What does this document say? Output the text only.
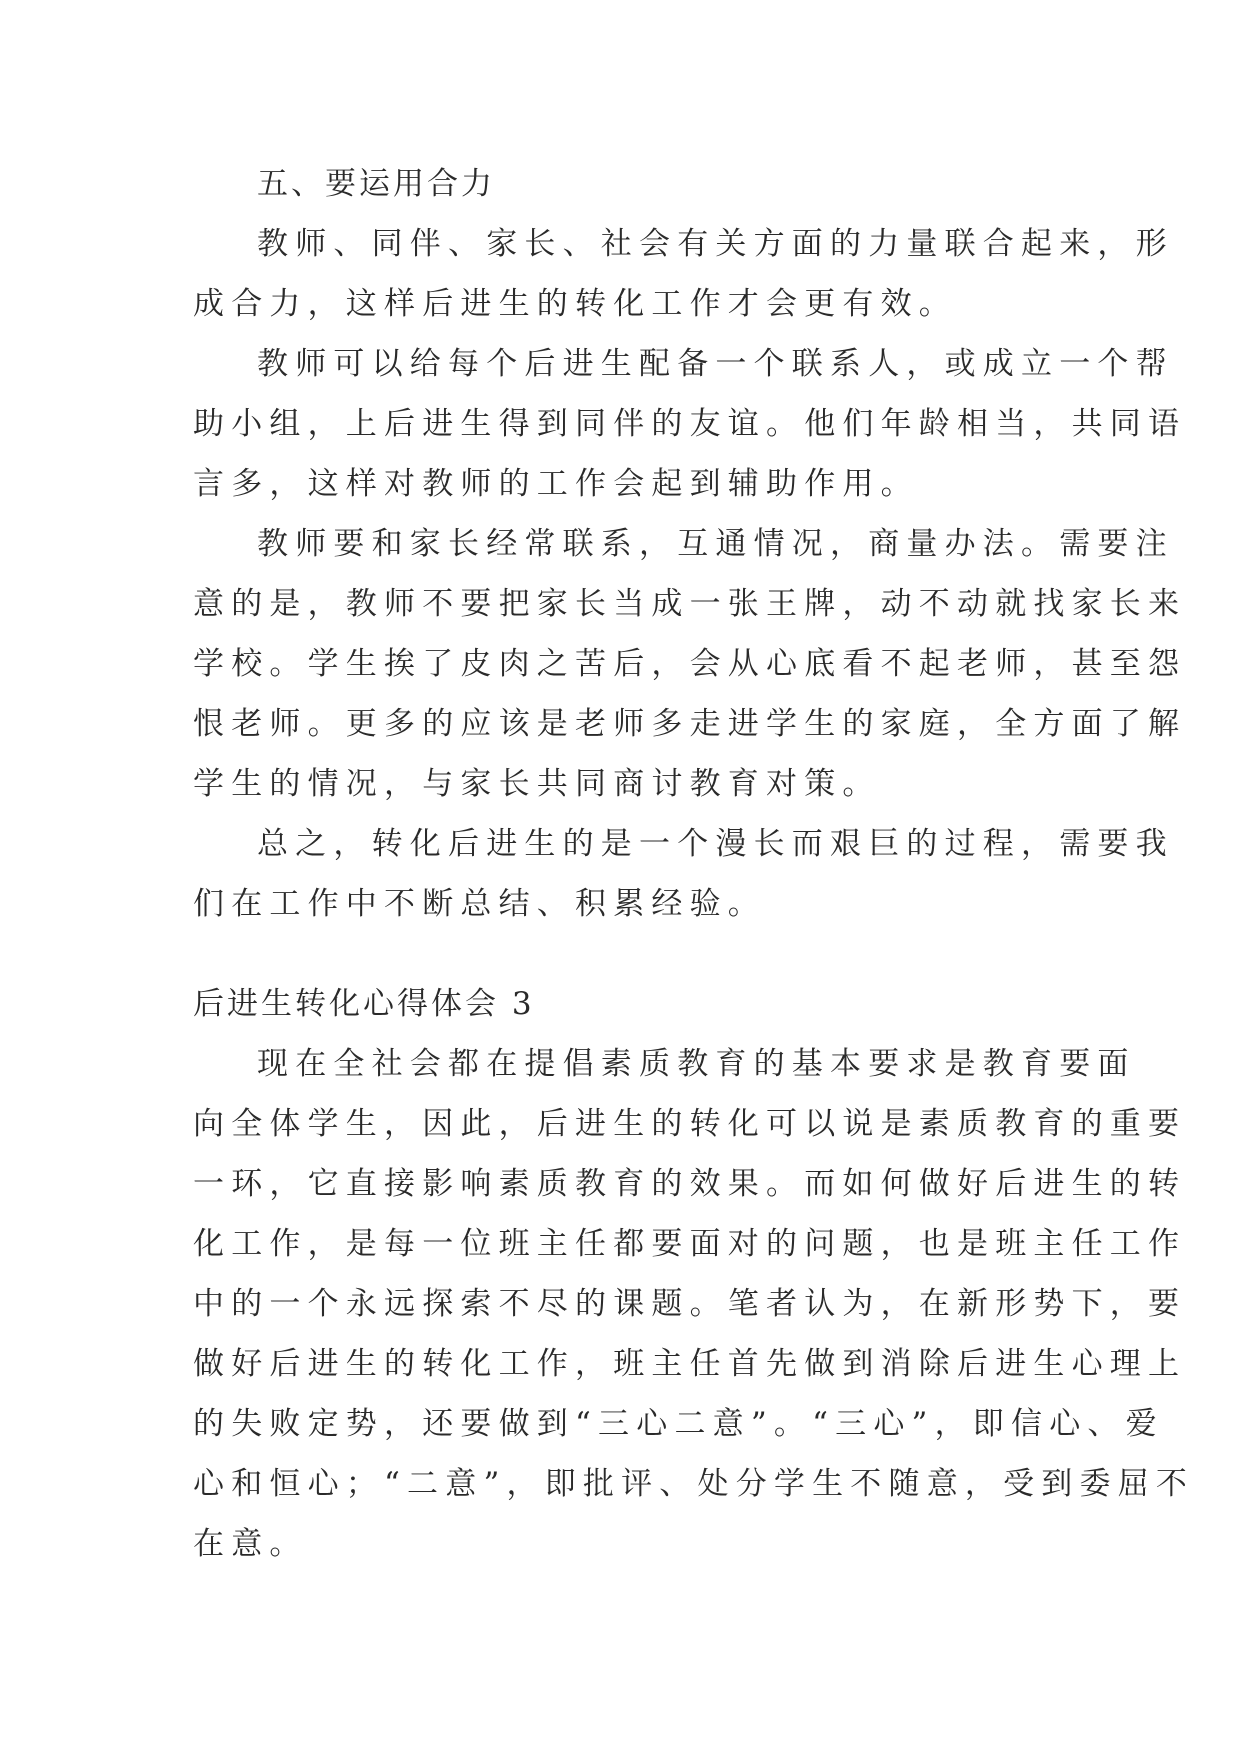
五、要运用合力
教师、同伴、家长、社会有关方面的力量联合起来，形
成合力，这样后进生的转化工作才会更有效。
教师可以给每个后进生配备一个联系人，或成立一个帮
助小组，上后进生得到同伴的友谊。他们年龄相当，共同语
言多，这样对教师的工作会起到辅助作用。
教师要和家长经常联系，互通情况，商量办法。需要注
意的是，教师不要把家长当成一张王牌，动不动就找家长来
学校。学生挨了皮肉之苦后，会从心底看不起老师，甚至怨
恨老师。更多的应该是老师多走进学生的家庭，全方面了解
学生的情况，与家长共同商讨教育对策。
总之，转化后进生的是一个漫长而艰巨的过程，需要我
们在工作中不断总结、积累经验。
后进生转化心得体会 3
现在全社会都在提倡素质教育的基本要求是教育要面
向全体学生，因此，后进生的转化可以说是素质教育的重要
一环，它直接影响素质教育的效果。而如何做好后进生的转
化工作，是每一位班主任都要面对的问题，也是班主任工作
中的一个永远探索不尽的课题。笔者认为，在新形势下，要
做好后进生的转化工作，班主任首先做到消除后进生心理上
的失败定势，还要做到“三心二意”。“三心”，即信心、爱
心和恒心；“二意”，即批评、处分学生不随意，受到委屈不
在意。
